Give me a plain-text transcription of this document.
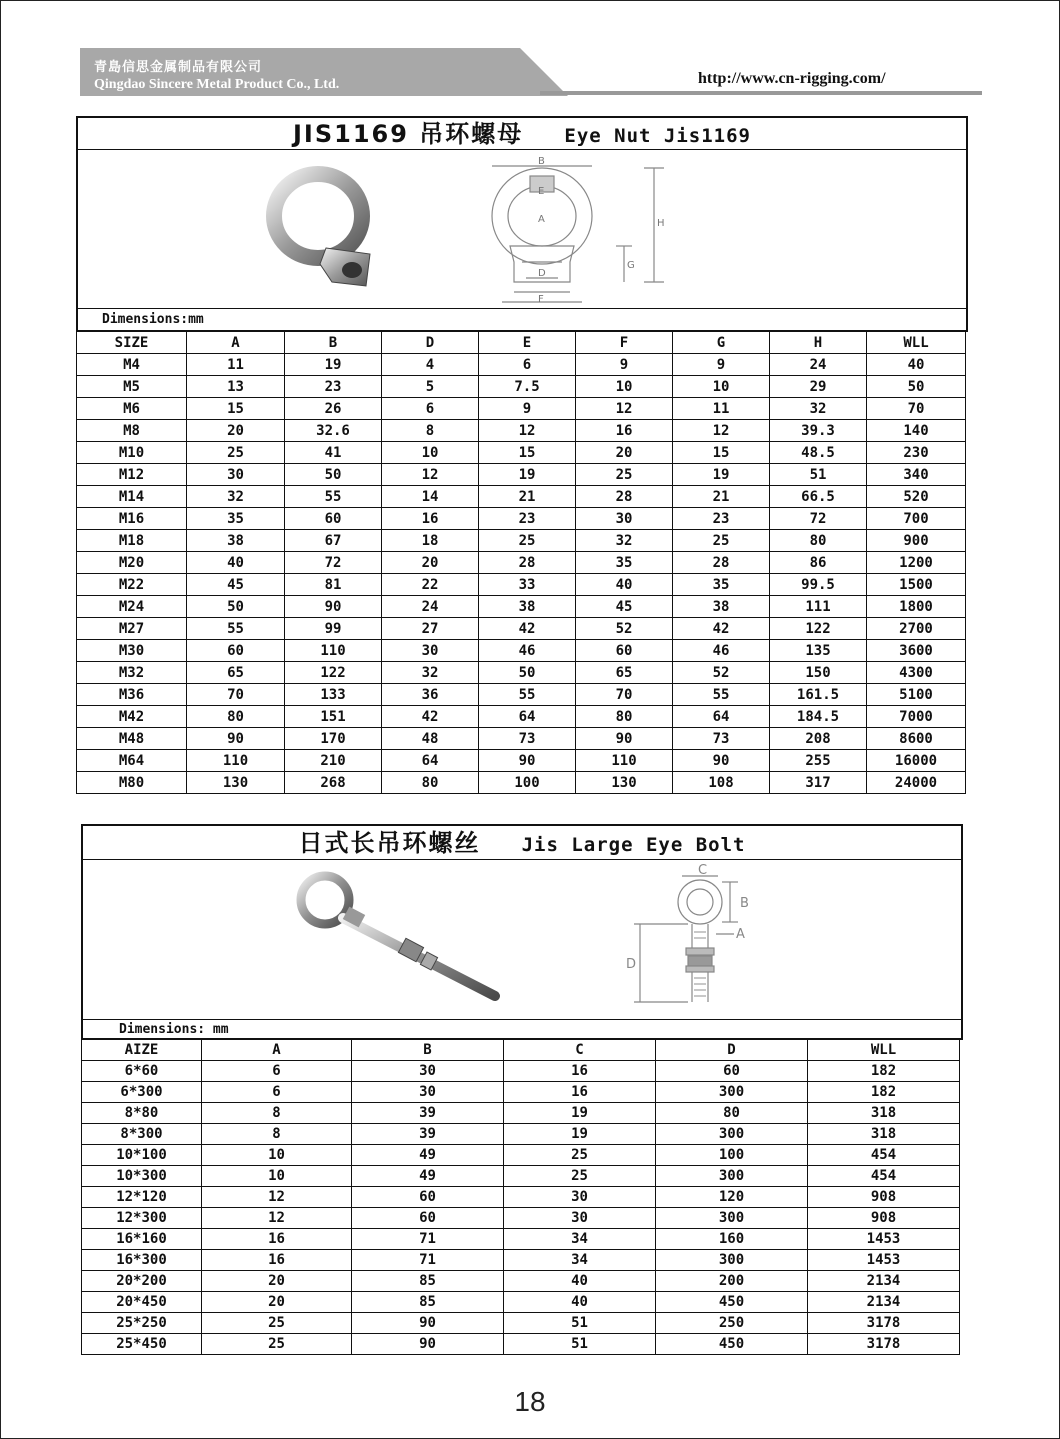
青島信思金属制品有限公司
Qingdao Sincere Metal Product Co., Ltd.	http://www.cn-rigging.com/
JIS1169 吊环螺母 Eye Nut Jis1169
B
E
A	H
G
D
F
Dimensions:mm
SIZE	A	B	D	E	F	G	H	WLL
M4	11	19	4	6	9	9	24	40
M5	13	23	5	7.5	10	10	29	50
M6	15	26	6	9	12	11	32	70
M8	20	32.6	8	12	16	12	39.3	140
M10	25	41	10	15	20	15	48.5	230
M12	30	50	12	19	25	19	51	340
M14	32	55	14	21	28	21	66.5	520
M16	35	60	16	23	30	23	72	700
M18	38	67	18	25	32	25	80	900
M20	40	72	20	28	35	28	86	1200
M22	45	81	22	33	40	35	99.5	1500
M24	50	90	24	38	45	38	111	1800
M27	55	99	27	42	52	42	122	2700
M30	60	110	30	46	60	46	135	3600
M32	65	122	32	50	65	52	150	4300
M36	70	133	36	55	70	55	161.5	5100
M42	80	151	42	64	80	64	184.5	7000
M48	90	170	48	73	90	73	208	8600
M64	110	210	64	90	110	90	255	16000
M80	130	268	80	100	130	108	317	24000
日式长吊环螺丝 Jis Large Eye Bolt
C
B
A
D
Dimensions: mm
AIZE	A	B	C	D	WLL
6*60	6	30	16	60	182
6*300	6	30	16	300	182
8*80	8	39	19	80	318
8*300	8	39	19	300	318
10*100	10	49	25	100	454
10*300	10	49	25	300	454
12*120	12	60	30	120	908
12*300	12	60	30	300	908
16*160	16	71	34	160	1453
16*300	16	71	34	300	1453
20*200	20	85	40	200	2134
20*450	20	85	40	450	2134
25*250	25	90	51	250	3178
25*450	25	90	51	450	3178
18
